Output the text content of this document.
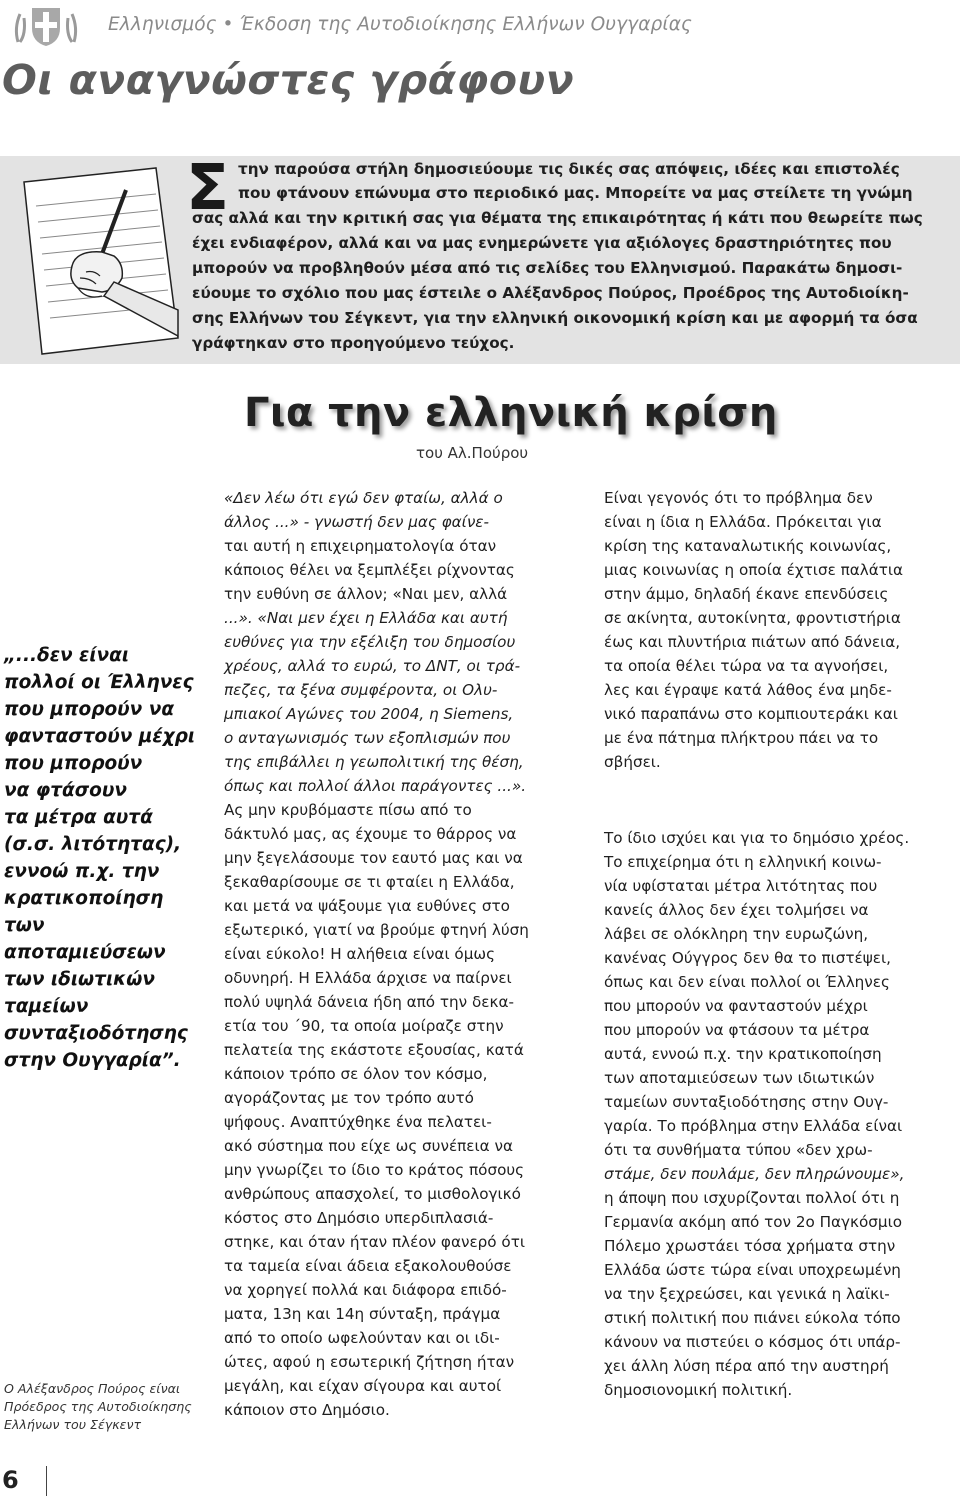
Ελληνισμός • Έκδοση της Αυτοδιοίκησης Ελλήνων Ουγγαρίας
Οι αναγνώστες γράφουν
Σ την παρούσα στήλη δημοσιεύουμε τις δικές σας απόψεις, ιδέες και επιστολές
που φτάνουν επώνυμα στο περιοδικό μας. Μπορείτε να μας στείλετε τη γνώμη
σας αλλά και την κριτική σας για θέματα της επικαιρότητας ή κάτι που θεωρείτε πως
έχει ενδιαφέρον, αλλά και να μας ενημερώνετε για αξιόλογες δραστηριότητες που
μπορούν να προβληθούν μέσα από τις σελίδες του Ελληνισμού. Παρακάτω δημοσι-
εύουμε το σχόλιο που μας έστειλε ο Αλέξανδρος Πούρος, Προέδρος της Αυτοδιοίκη-
σης Ελλήνων του Σέγκεντ, για την ελληνική οικονομική κρίση και με αφορμή τα όσα
γράφτηκαν στο προηγούμενο τεύχος.
Για την ελληνική κρίση
του Αλ.Πούρου
„...δεν είναι
πολλοί οι Έλληνες
που μπορούν να
φανταστούν μέχρι
που μπορούν
να φτάσουν
τα μέτρα αυτά
(σ.σ. λιτότητας),
εννοώ π.χ. την
κρατικοποίηση
των
αποταμιεύσεων
των ιδιωτικών
ταμείων
συνταξιοδότησης
στην Ουγγαρία”.
Ο Αλέξανδρος Πούρος είναι
Πρόεδρος της Αυτοδιοίκησης
Ελλήνων του Σέγκεντ
«Δεν λέω ότι εγώ δεν φταίω, αλλά ο
άλλος ...» - γνωστή δεν μας φαίνε-
ται αυτή η επιχειρηματολογία όταν
κάποιος θέλει να ξεμπλέξει ρίχνοντας
την ευθύνη σε άλλον; «Ναι μεν, αλλά
...». «Ναι μεν έχει η Ελλάδα και αυτή
ευθύνες για την εξέλιξη του δημοσίου
χρέους, αλλά το ευρώ, το ΔΝΤ, οι τρά-
πεζες, τα ξένα συμφέροντα, οι Ολυ-
μπιακοί Αγώνες του 2004, η Siemens,
ο ανταγωνισμός των εξοπλισμών που
της επιβάλλει η γεωπολιτική της θέση,
όπως και πολλοί άλλοι παράγοντες ...».
Ας μην κρυβόμαστε πίσω από το
δάκτυλό μας, ας έχουμε το θάρρος να
μην ξεγελάσουμε τον εαυτό μας και να
ξεκαθαρίσουμε σε τι φταίει η Ελλάδα,
και μετά να ψάξουμε για ευθύνες στο
εξωτερικό, γιατί να βρούμε φτηνή λύση
είναι εύκολο! Η αλήθεια είναι όμως
οδυνηρή. Η Ελλάδα άρχισε να παίρνει
πολύ υψηλά δάνεια ήδη από την δεκα-
ετία του ΄90, τα οποία μοίραζε στην
πελατεία της εκάστοτε εξουσίας, κατά
κάποιον τρόπο σε όλον τον κόσμο,
αγοράζοντας με τον τρόπο αυτό
ψήφους. Αναπτύχθηκε ένα πελατει-
ακό σύστημα που είχε ως συνέπεια να
μην γνωρίζει το ίδιο το κράτος πόσους
ανθρώπους απασχολεί, το μισθολογικό
κόστος στο Δημόσιο υπερδιπλασιά-
στηκε, και όταν ήταν πλέον φανερό ότι
τα ταμεία είναι άδεια εξακολουθούσε
να χορηγεί πολλά και διάφορα επιδό-
ματα, 13η και 14η σύνταξη, πράγμα
από το οποίο ωφελούνταν και οι ιδι-
ώτες, αφού η εσωτερική ζήτηση ήταν
μεγάλη, και είχαν σίγουρα και αυτοί
κάποιον στο Δημόσιο.
Είναι γεγονός ότι το πρόβλημα δεν
είναι η ίδια η Ελλάδα. Πρόκειται για
κρίση της καταναλωτικής κοινωνίας,
μιας κοινωνίας η οποία έχτισε παλάτια
στην άμμο, δηλαδή έκανε επενδύσεις
σε ακίνητα, αυτοκίνητα, φροντιστήρια
έως και πλυντήρια πιάτων από δάνεια,
τα οποία θέλει τώρα να τα αγνοήσει,
λες και έγραψε κατά λάθος ένα μηδε-
νικό παραπάνω στο κομπιουτεράκι και
με ένα πάτημα πλήκτρου πάει να το
σβήσει.
Το ίδιο ισχύει και για το δημόσιο χρέος.
Το επιχείρημα ότι η ελληνική κοινω-
νία υφίσταται μέτρα λιτότητας που
κανείς άλλος δεν έχει τολμήσει να
λάβει σε ολόκληρη την ευρωζώνη,
κανένας Ούγγρος δεν θα το πιστέψει,
όπως και δεν είναι πολλοί οι Έλληνες
που μπορούν να φανταστούν μέχρι
που μπορούν να φτάσουν τα μέτρα
αυτά, εννοώ π.χ. την κρατικοποίηση
των αποταμιεύσεων των ιδιωτικών
ταμείων συνταξιοδότησης στην Ουγ-
γαρία. Το πρόβλημα στην Ελλάδα είναι
ότι τα συνθήματα τύπου «δεν χρω-
στάμε, δεν πουλάμε, δεν πληρώνουμε»,
η άποψη που ισχυρίζονται πολλοί ότι η
Γερμανία ακόμη από τον 2ο Παγκόσμιο
Πόλεμο χρωστάει τόσα χρήματα στην
Ελλάδα ώστε τώρα είναι υποχρεωμένη
να την ξεχρεώσει, και γενικά η λαϊκι-
στική πολιτική που πιάνει εύκολα τόπο
κάνουν να πιστεύει ο κόσμος ότι υπάρ-
χει άλλη λύση πέρα από την αυστηρή
δημοσιονομική πολιτική.
6
